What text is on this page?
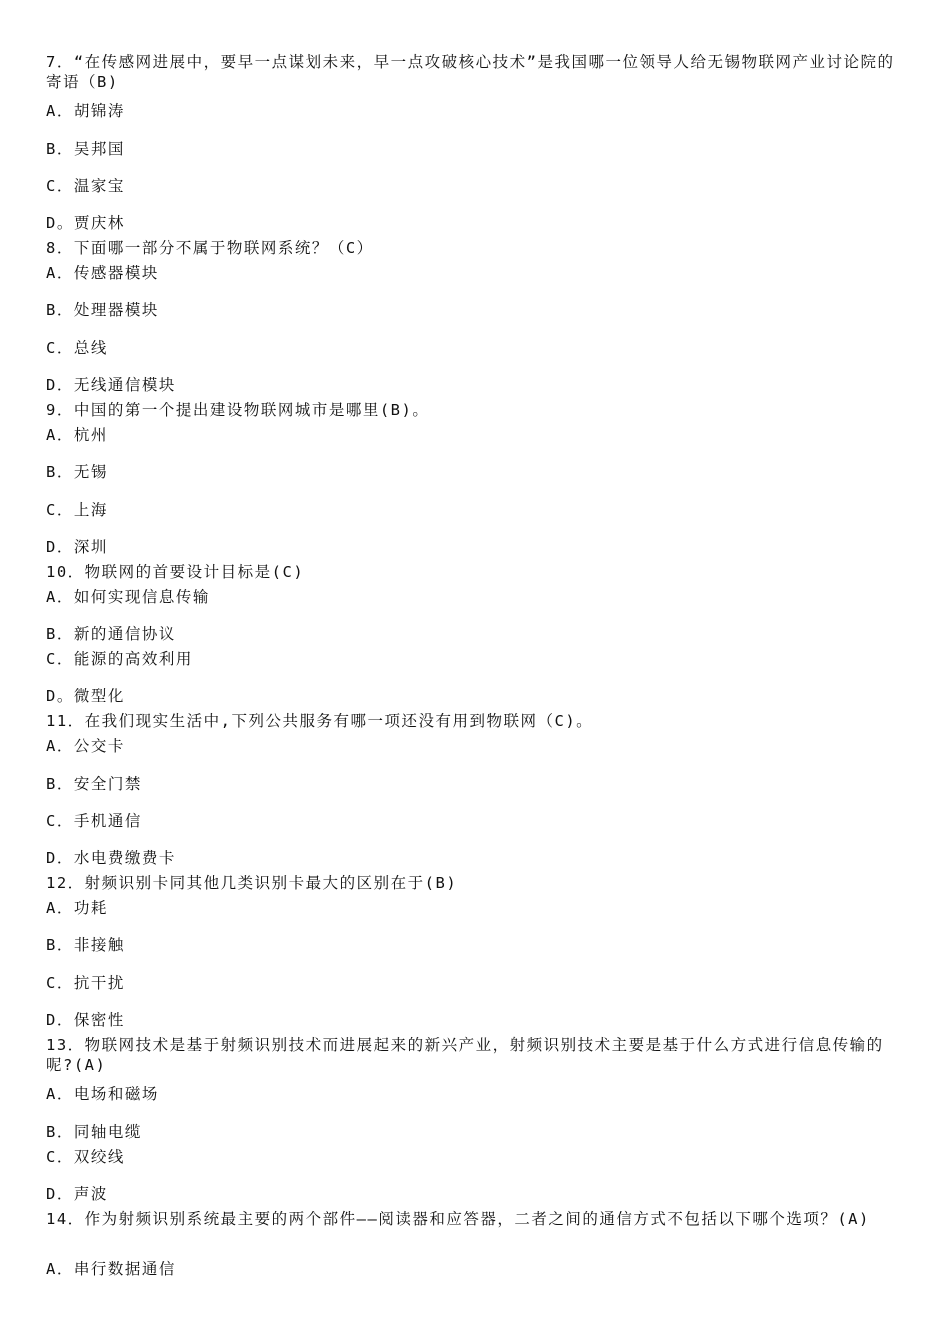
7．“在传感网进展中，要早一点谋划未来，早一点攻破核心技术”是我国哪一位领导人给无锡物联网产业讨论院的寄语（B)
A．胡锦涛
B．吴邦国
C．温家宝
D。贾庆林
8．下面哪一部分不属于物联网系统？（C）
A．传感器模块
B．处理器模块
C．总线
D．无线通信模块
9．中国的第一个提出建设物联网城市是哪里(B)。
A．杭州
B．无锡
C．上海
D．深圳
10．物联网的首要设计目标是(C)
A．如何实现信息传输
B．新的通信协议
C．能源的高效利用
D。微型化
11．在我们现实生活中,下列公共服务有哪一项还没有用到物联网（C)。
A．公交卡
B．安全门禁
C．手机通信
D．水电费缴费卡
12．射频识别卡同其他几类识别卡最大的区别在于(B)
A．功耗
B．非接触
C．抗干扰
D．保密性
13．物联网技术是基于射频识别技术而进展起来的新兴产业，射频识别技术主要是基于什么方式进行信息传输的呢?(A)
A．电场和磁场
B．同轴电缆
C．双绞线
D．声波
14．作为射频识别系统最主要的两个部件——阅读器和应答器，二者之间的通信方式不包括以下哪个选项？(A)
A．串行数据通信
